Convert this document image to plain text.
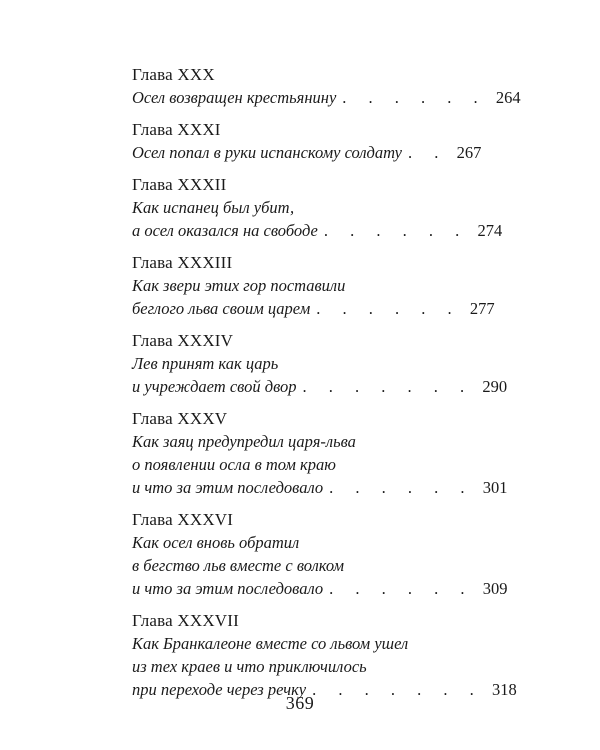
Глава XXX
Осел возвращен крестьянину . . . . . . 264
Глава XXXI
Осел попал в руки испанскому солдату . . 267
Глава XXXII
Как испанец был убит,
а осел оказался на свободе . . . . . . 274
Глава XXXIII
Как звери этих гор поставили
беглого льва своим царем . . . . . . 277
Глава XXXIV
Лев принят как царь
и учреждает свой двор . . . . . . . 290
Глава XXXV
Как заяц предупредил царя-льва
о появлении осла в том краю
и что за этим последовало . . . . . . 301
Глава XXXVI
Как осел вновь обратил
в бегство льв вместе с волком
и что за этим последовало . . . . . . 309
Глава XXXVII
Как Бранкалеоне вместе со львом ушел
из тех краев и что приключилось
при переходе через речку . . . . . . . 318
369
